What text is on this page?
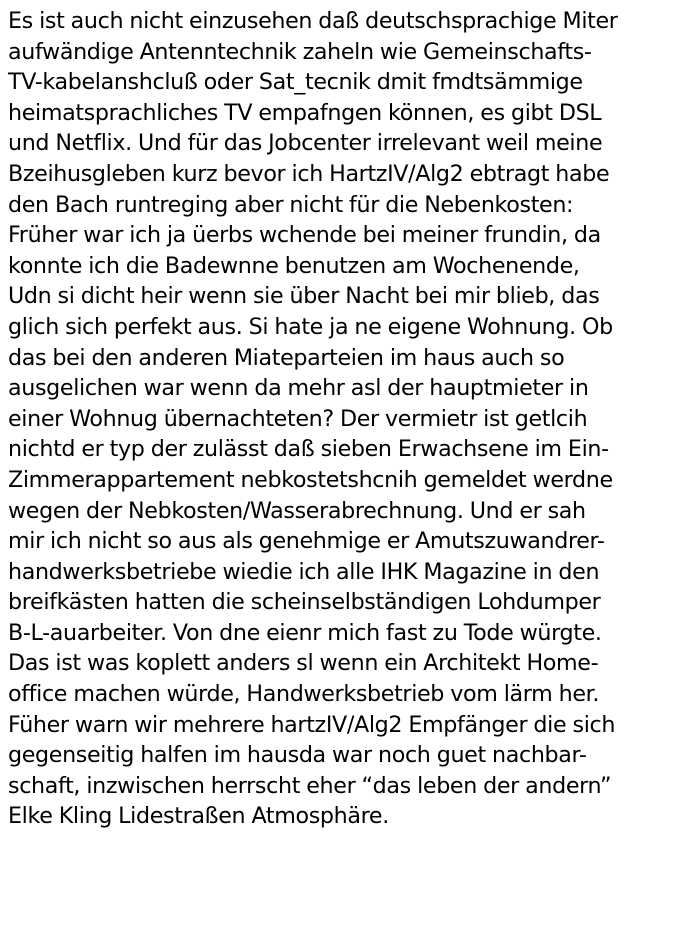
Es ist auch nicht einzusehen daß deutschsprachige Miter
aufwändige Antenntechnik zaheln wie Gemeinschafts-
TV-kabelanshcluß oder Sat_tecnik dmit fmdtsämmige
heimatsprachliches TV empafngen können, es gibt DSL
und Netflix. Und für das Jobcenter irrelevant weil meine
Bzeihusgleben kurz bevor ich HartzIV/Alg2 ebtragt habe
den Bach runtreging aber nicht für die Nebenkosten:
Früher war ich ja üerbs wchende bei meiner frundin, da
konnte ich die Badewnne benutzen am Wochenende,
Udn si dicht heir wenn sie über Nacht bei mir blieb, das
glich sich perfekt aus. Si hate ja ne eigene Wohnung. Ob
das bei den anderen Miateparteien im haus auch so
ausgelichen war wenn da mehr asl der hauptmieter in
einer Wohnug übernachteten? Der vermietr ist getlcih
nichtd er typ der zulässt daß sieben Erwachsene im Ein-
Zimmerappartement nebkostetshcnih gemeldet werdne
wegen der Nebkosten/Wasserabrechnung. Und er sah
mir ich nicht so aus als genehmige er Amutszuwandrer-
handwerksbetriebe wiedie ich alle IHK Magazine in den
breifkästen hatten die scheinselbständigen Lohdumper
B-L-auarbeiter. Von dne eienr mich fast zu Tode würgte.
Das ist was koplett anders sl wenn ein Architekt Home-
office machen würde, Handwerksbetrieb vom lärm her.
Füher warn wir mehrere hartzIV/Alg2 Empfänger die sich
gegenseitig halfen im hausda war noch guet nachbar-
schaft, inzwischen herrscht eher “das leben der andern”
Elke Kling Lidestraßen Atmosphäre.
